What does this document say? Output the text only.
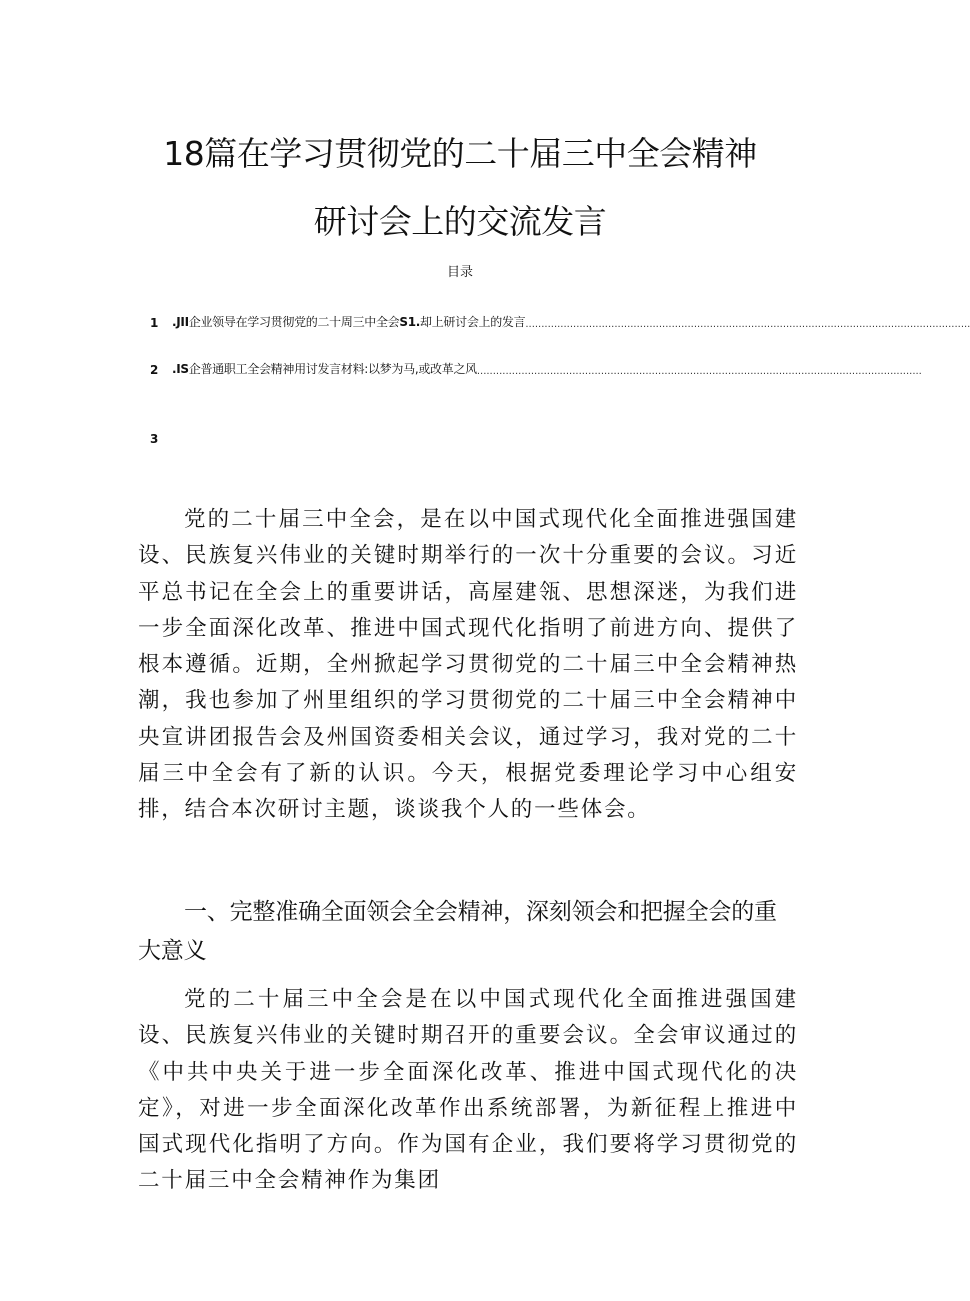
18篇在学习贯彻党的二十届三中全会精神
研讨会上的交流发言
目录
1	.JII企业领导在学习贯彻党的二十周三中全会S1.却上研讨会上的发言 ............................................................................................................................................
2	.IS企普通职工全会精神用讨发言材料:以梦为马,或改革之风 ............................................................................................................................................
3

党的二十届三中全会，是在以中国式现代化全面推进强国建设、民族复兴伟业的关键时期举行的一次十分重要的会议。习近平总书记在全会上的重要讲话，高屋建瓴、思想深迷，为我们进一步全面深化改革、推进中国式现代化指明了前进方向、提供了根本遵循。近期，全州掀起学习贯彻党的二十届三中全会精神热潮，我也参加了州里组织的学习贯彻党的二十届三中全会精神中央宣讲团报告会及州国资委相关会议，通过学习，我对党的二十届三中全会有了新的认识。今天，根据党委理论学习中心组安排，结合本次研讨主题，谈谈我个人的一些体会。

一、完整准确全面领会全会精神，深刻领会和把握全会的重大意义

党的二十届三中全会是在以中国式现代化全面推进强国建设、民族复兴伟业的关键时期召开的重要会议。全会审议通过的《中共中央关于进一步全面深化改革、推进中国式现代化的决定》，对进一步全面深化改革作出系统部署，为新征程上推进中国式现代化指明了方向。作为国有企业，我们要将学习贯彻党的二十届三中全会精神作为集团
